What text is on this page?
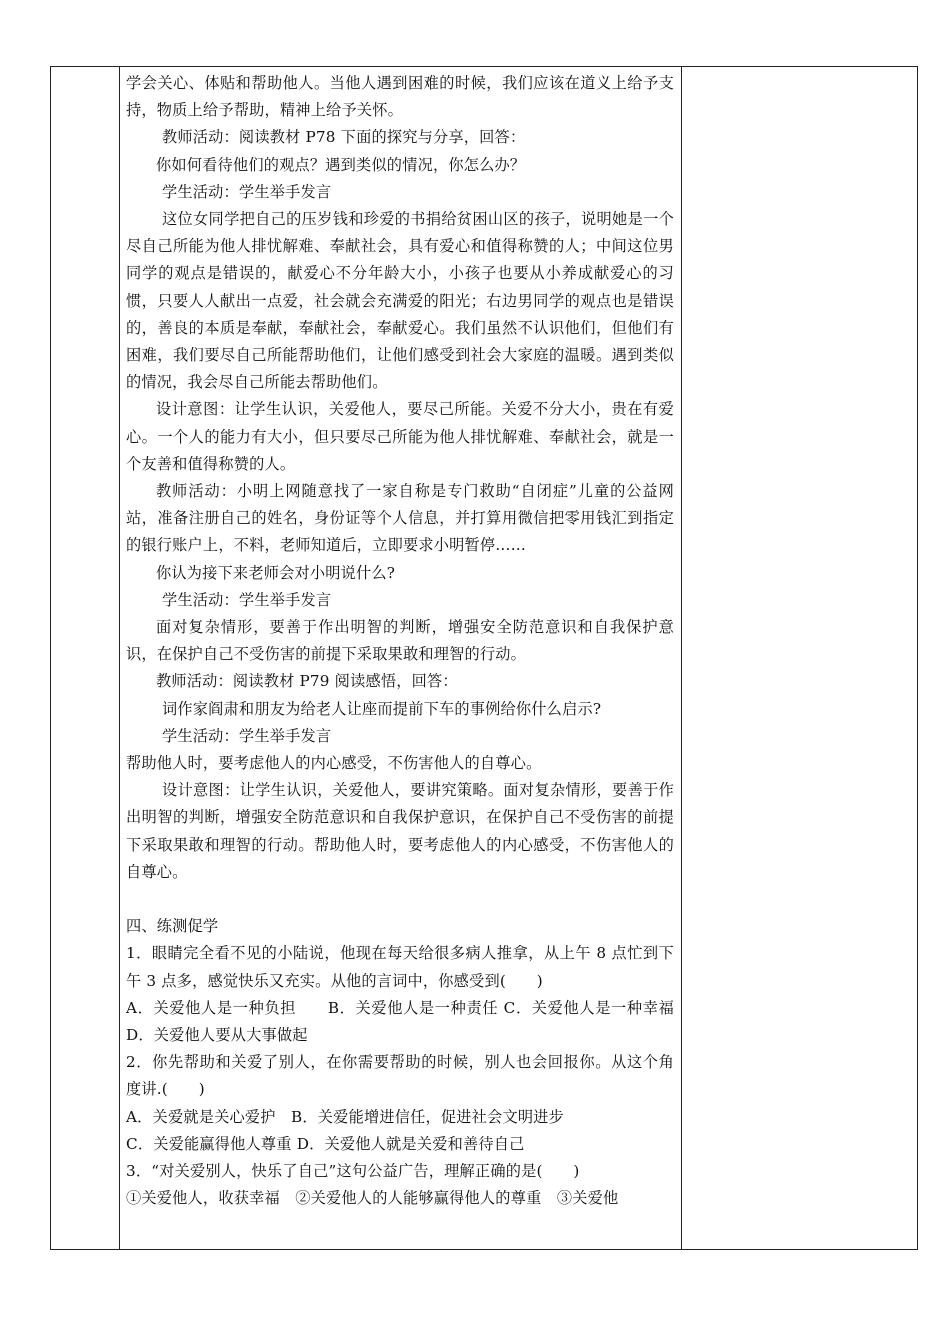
学会关心、体贴和帮助他人。当他人遇到困难的时候，我们应该在道义上给予支持，物质上给予帮助，精神上给予关怀。

教师活动：阅读教材 P78 下面的探究与分享，回答：

你如何看待他们的观点？遇到类似的情况，你怎么办？

学生活动：学生举手发言

这位女同学把自己的压岁钱和珍爱的书捐给贫困山区的孩子，说明她是一个尽自己所能为他人排忧解难、奉献社会，具有爱心和值得称赞的人；中间这位男同学的观点是错误的，献爱心不分年龄大小，小孩子也要从小养成献爱心的习惯，只要人人献出一点爱，社会就会充满爱的阳光；右边男同学的观点也是错误的，善良的本质是奉献，奉献社会，奉献爱心。我们虽然不认识他们，但他们有困难，我们要尽自己所能帮助他们，让他们感受到社会大家庭的温暖。遇到类似的情况，我会尽自己所能去帮助他们。

设计意图：让学生认识，关爱他人，要尽己所能。关爱不分大小，贵在有爱心。一个人的能力有大小，但只要尽己所能为他人排忧解难、奉献社会，就是一个友善和值得称赞的人。

教师活动：小明上网随意找了一家自称是专门救助“自闭症”儿童的公益网站，准备注册自己的姓名，身份证等个人信息，并打算用微信把零用钱汇到指定的银行账户上，不料，老师知道后，立即要求小明暂停……

你认为接下来老师会对小明说什么?

学生活动：学生举手发言

面对复杂情形，要善于作出明智的判断，增强安全防范意识和自我保护意识，在保护自己不受伤害的前提下采取果敢和理智的行动。

教师活动：阅读教材 P79 阅读感悟，回答：

词作家阎肃和朋友为给老人让座而提前下车的事例给你什么启示?

学生活动：学生举手发言

帮助他人时，要考虑他人的内心感受，不伤害他人的自尊心。

设计意图：让学生认识，关爱他人，要讲究策略。面对复杂情形，要善于作出明智的判断，增强安全防范意识和自我保护意识，在保护自己不受伤害的前提下采取果敢和理智的行动。帮助他人时，要考虑他人的内心感受，不伤害他人的自尊心。

四、练测促学

1．眼睛完全看不见的小陆说，他现在每天给很多病人推拿，从上午 8 点忙到下午 3 点多，感觉快乐又充实。从他的言词中，你感受到(　　)

A．关爱他人是一种负担　　B．关爱他人是一种责任 C．关爱他人是一种幸福　　D．关爱他人要从大事做起

2．你先帮助和关爱了别人，在你需要帮助的时候，别人也会回报你。从这个角度讲.(　　)

A．关爱就是关心爱护　B．关爱能增进信任，促进社会文明进步

C．关爱能赢得他人尊重 D．关爱他人就是关爱和善待自己

3．“对关爱别人，快乐了自己”这句公益广告，理解正确的是(　　)

①关爱他人，收获幸福　②关爱他人的人能够赢得他人的尊重　③关爱他
